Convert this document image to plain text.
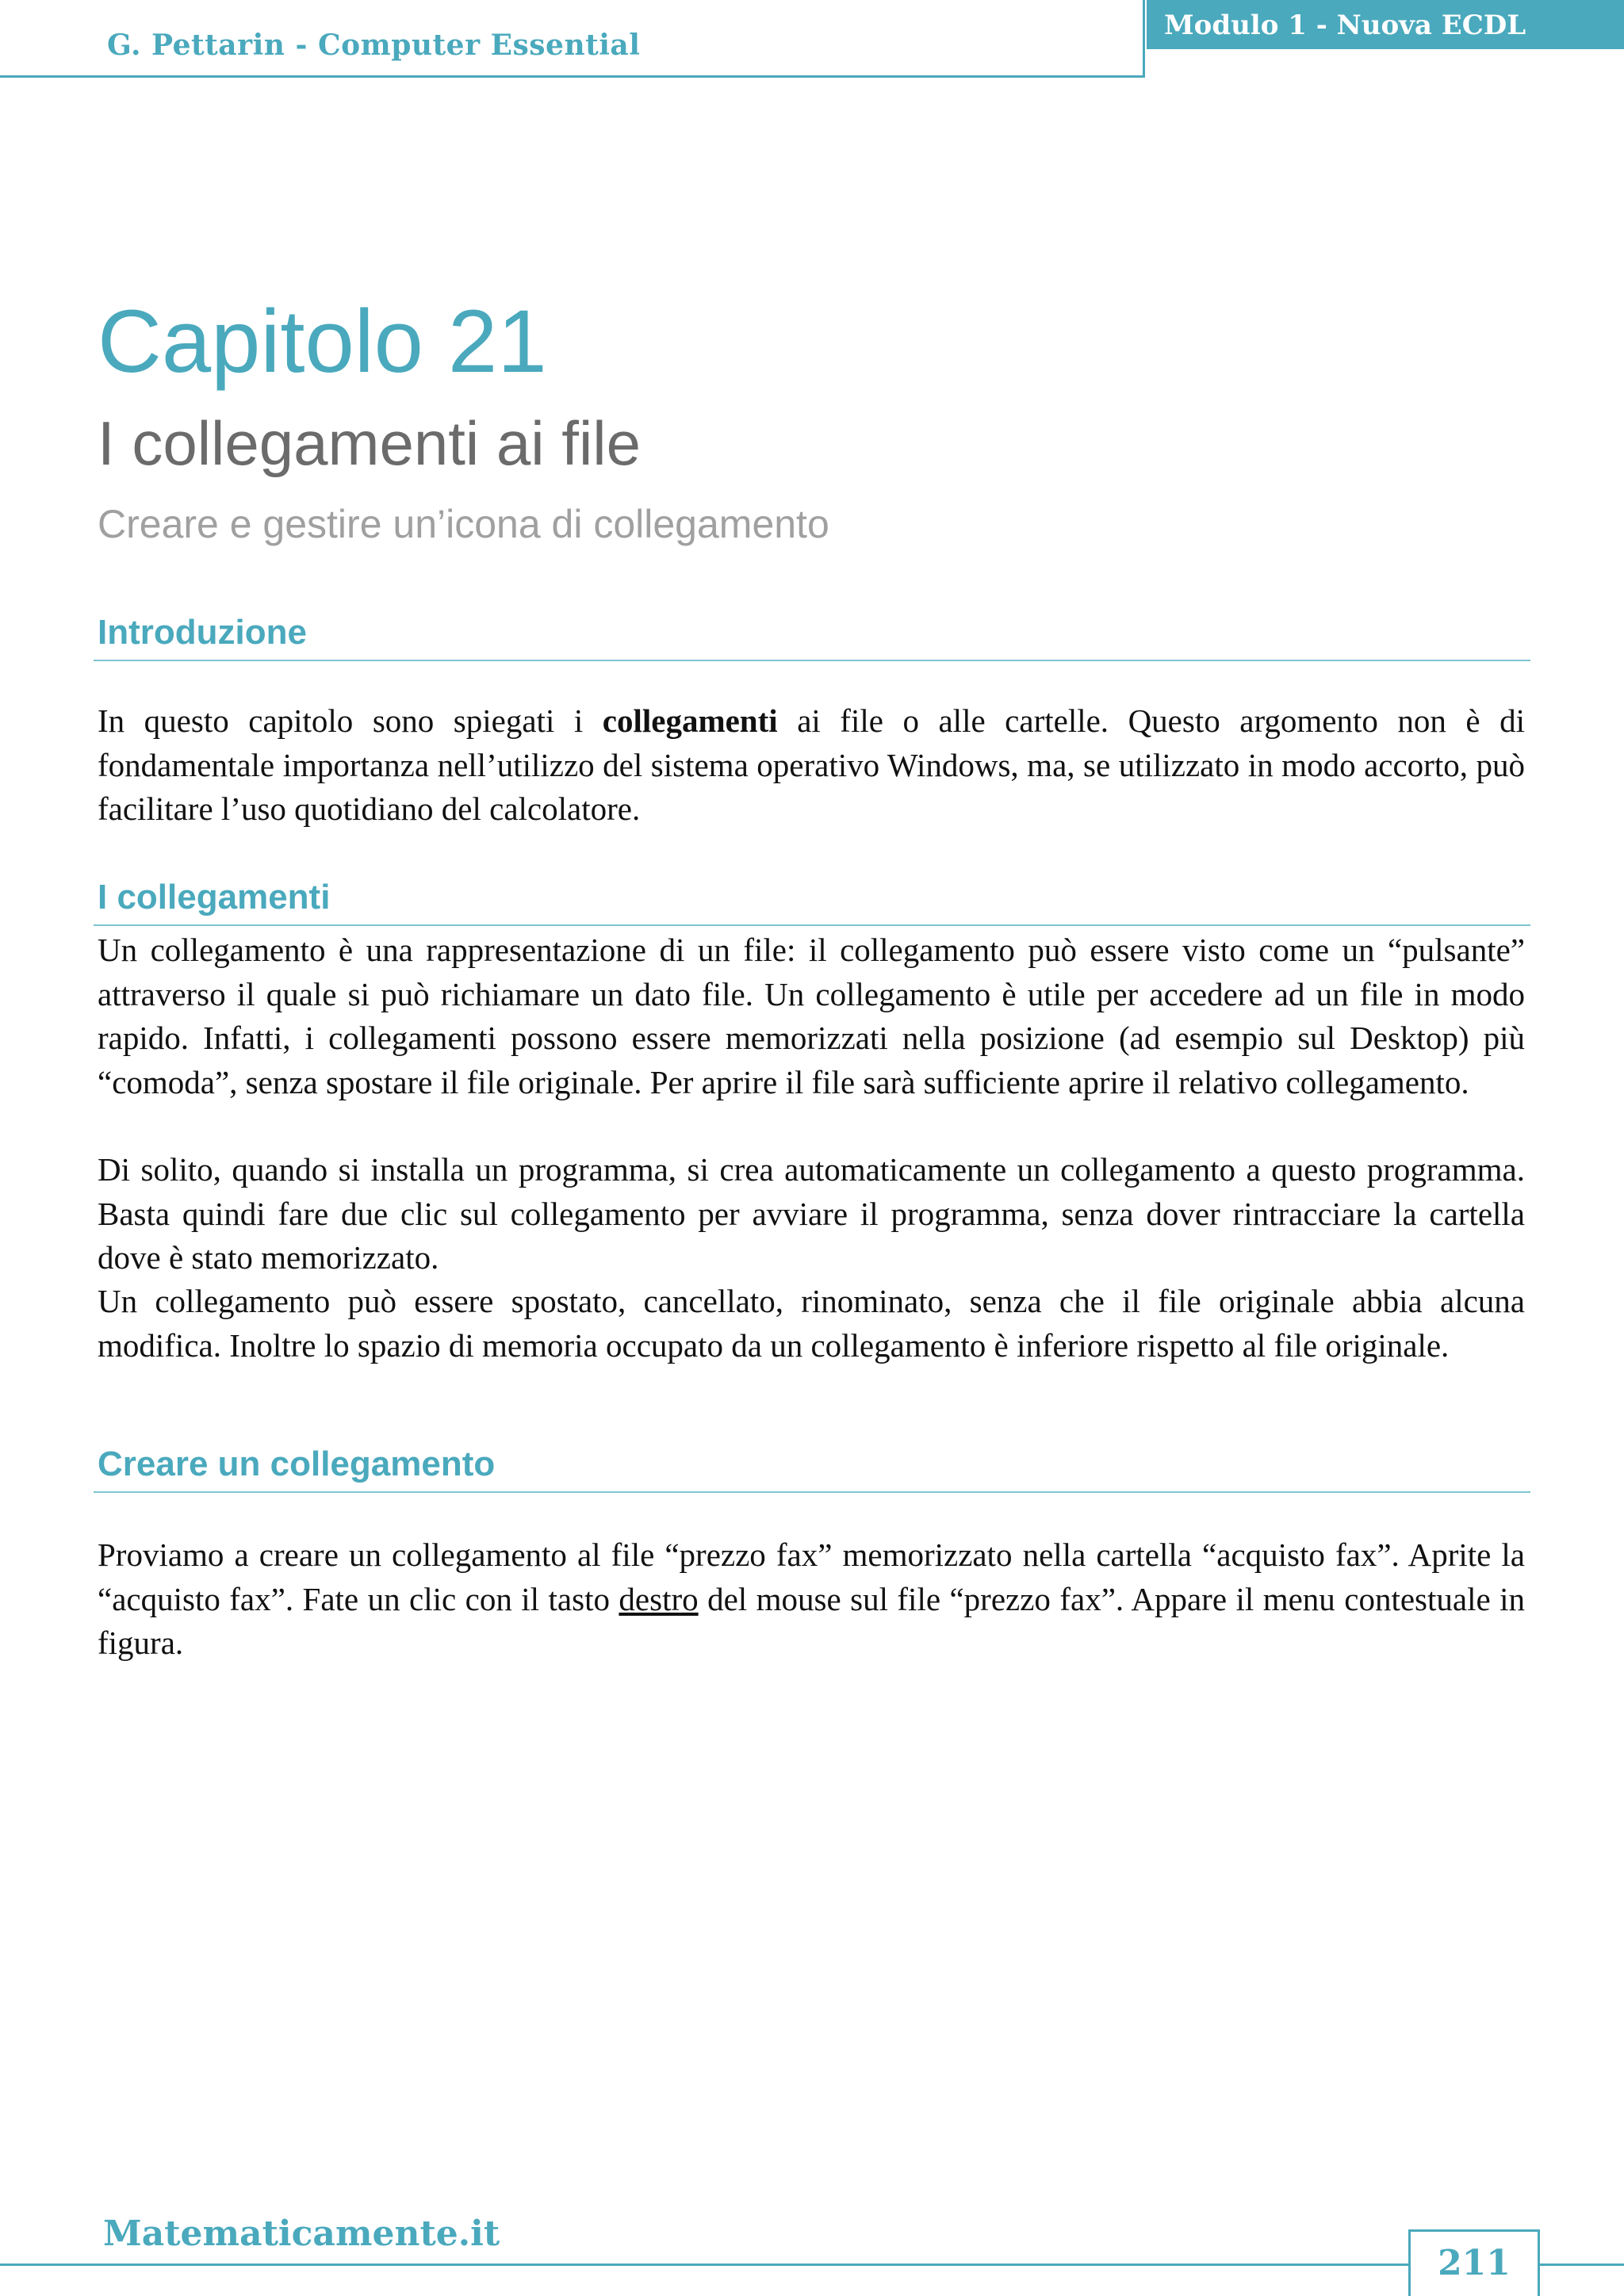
G. Pettarin - Computer Essential
Modulo 1 - Nuova ECDL
Capitolo 21
I collegamenti ai file
Creare e gestire un’icona di collegamento
Introduzione

In questo capitolo sono spiegati i collegamenti ai file o alle cartelle. Questo argomento non è di fondamentale importanza nell’utilizzo del sistema operativo Windows, ma, se utilizzato in modo accorto, può facilitare l’uso quotidiano del calcolatore.

I collegamenti

Un collegamento è una rappresentazione di un file: il collegamento può essere visto come un “pulsante” attraverso il quale si può richiamare un dato file. Un collegamento è utile per accedere ad un file in modo rapido. Infatti, i collegamenti possono essere memorizzati nella posizione (ad esempio sul Desktop) più “comoda”, senza spostare il file originale. Per aprire il file sarà sufficiente aprire il relativo collegamento.

Di solito, quando si installa un programma, si crea automaticamente un collegamento a questo programma. Basta quindi fare due clic sul collegamento per avviare il programma, senza dover rintracciare la cartella dove è stato memorizzato.

Un collegamento può essere spostato, cancellato, rinominato, senza che il file originale abbia alcuna modifica. Inoltre lo spazio di memoria occupato da un collegamento è inferiore rispetto al file originale.

Creare un collegamento

Proviamo a creare un collegamento al file “prezzo fax” memorizzato nella cartella “acquisto fax”. Aprite la “acquisto fax”. Fate un clic con il tasto destro del mouse sul file “prezzo fax”. Appare il menu contestuale in figura.

Matematicamente.it
211
